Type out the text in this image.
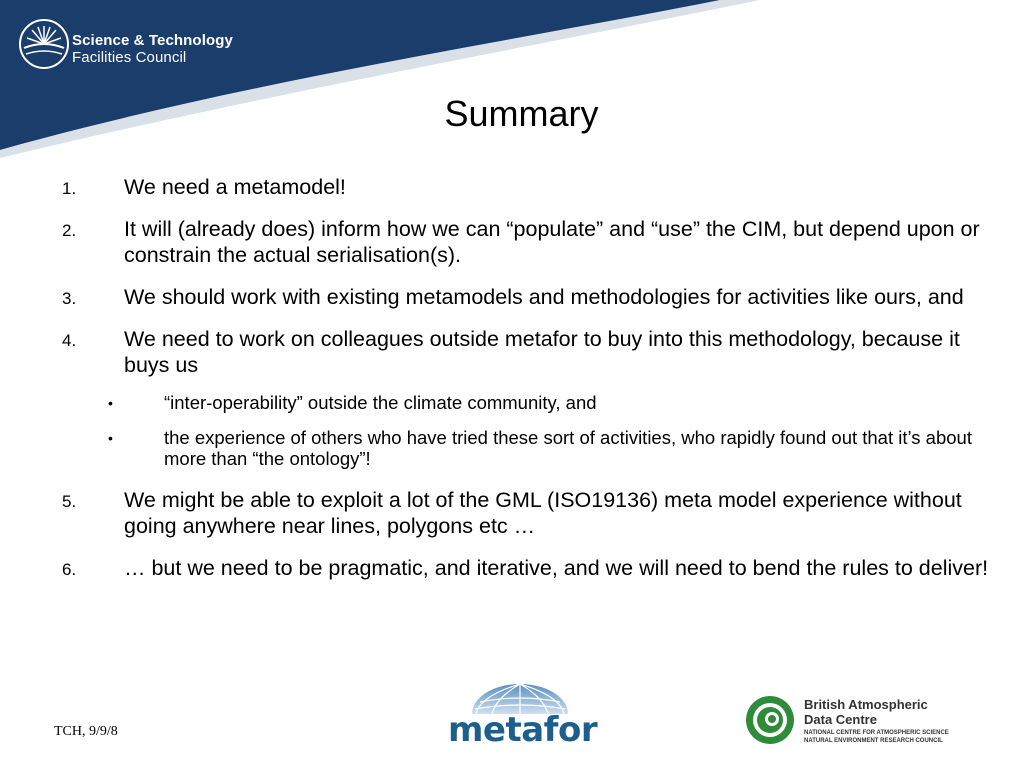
Science & Technology
Facilities Council
Summary
1. We need a metamodel!
2. It will (already does) inform how we can “populate” and “use” the CIM, but depend upon or constrain the actual serialisation(s).
3. We should work with existing metamodels and methodologies for activities like ours, and
4. We need to work on colleagues outside metafor to buy into this methodology, because it buys us
•	“inter-operability” outside the climate community, and
•	the experience of others who have tried these sort of activities, who rapidly found out that it’s about more than “the ontology”!
5. We might be able to exploit a lot of the GML (ISO19136) meta model experience without going anywhere near lines, polygons etc …
6. … but we need to be pragmatic, and iterative, and we will need to bend the rules to deliver!
TCH, 9/9/8	metafor
British Atmospheric
Data Centre
NATIONAL CENTRE FOR ATMOSPHERIC SCIENCE
NATURAL ENVIRONMENT RESEARCH COUNCIL
